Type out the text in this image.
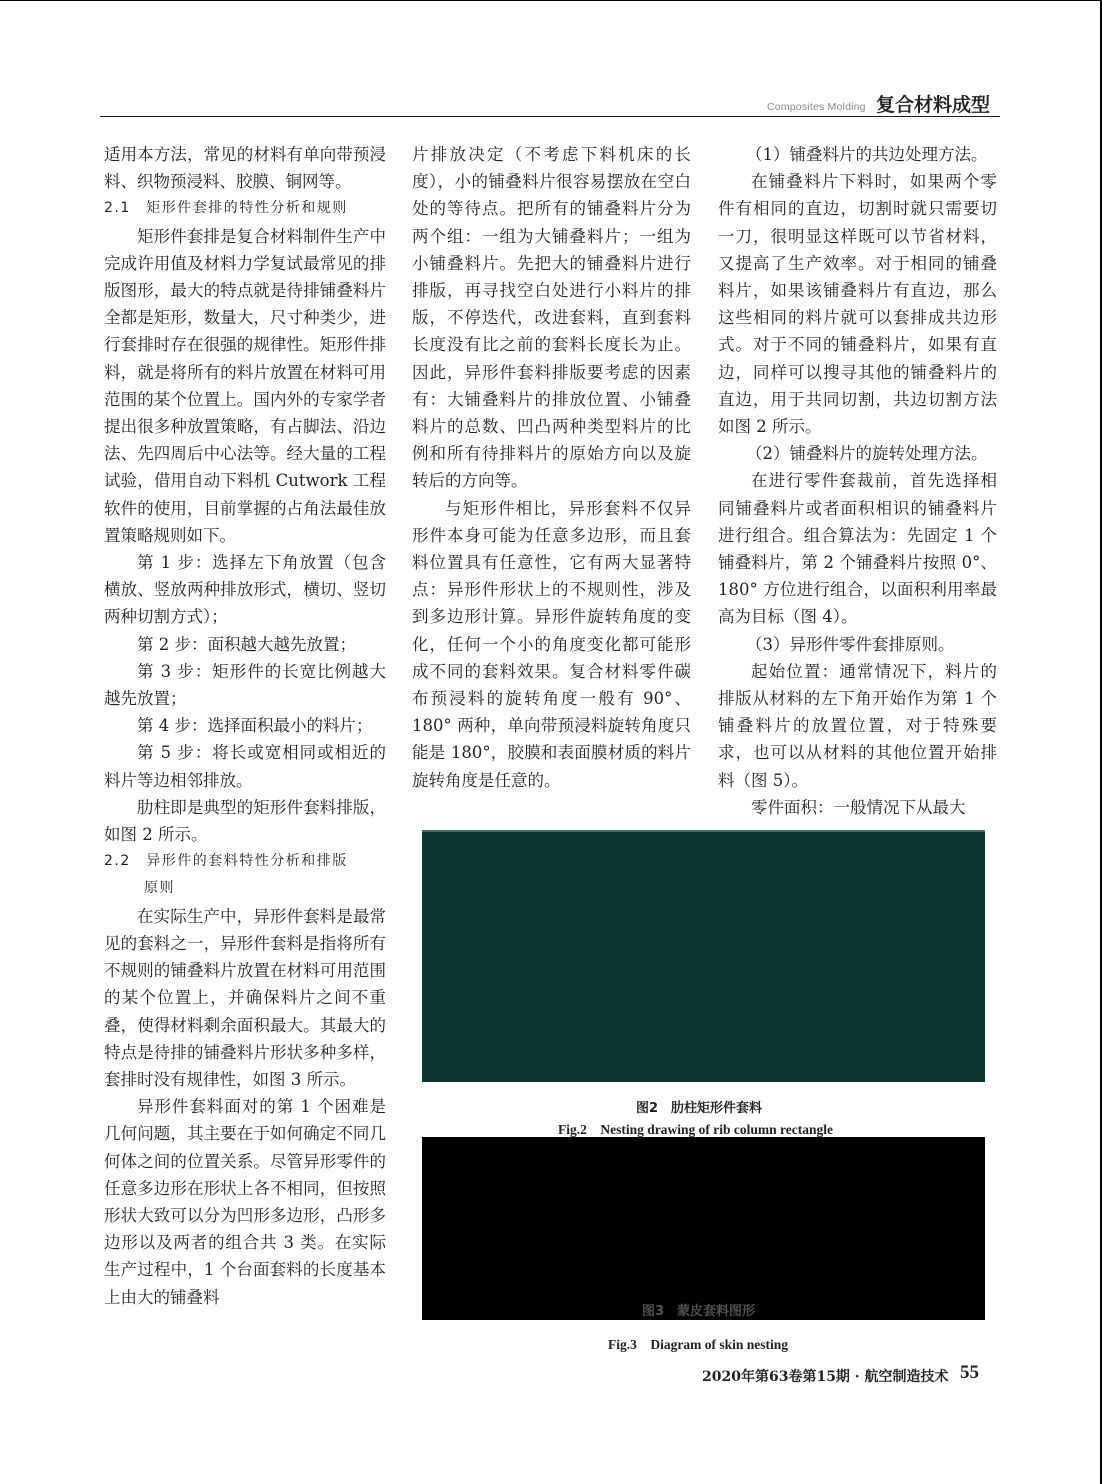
Composites Molding 复合材料成型

适用本方法，常见的材料有单向带预浸料、织物预浸料、胶膜、铜网等。

2.1　矩形件套排的特性分析和规则

矩形件套排是复合材料制件生产中完成许用值及材料力学复试最常见的排版图形，最大的特点就是待排铺叠料片全都是矩形，数量大，尺寸种类少，进行套排时存在很强的规律性。矩形件排料，就是将所有的料片放置在材料可用范围的某个位置上。国内外的专家学者提出很多种放置策略，有占脚法、沿边法、先四周后中心法等。经大量的工程试验，借用自动下料机 Cutwork 工程软件的使用，目前掌握的占角法最佳放置策略规则如下。

第 1 步：选择左下角放置（包含横放、竖放两种排放形式，横切、竖切两种切割方式）；

第 2 步：面积越大越先放置；

第 3 步：矩形件的长宽比例越大越先放置；

第 4 步：选择面积最小的料片；

第 5 步：将长或宽相同或相近的料片等边相邻排放。

肋柱即是典型的矩形件套料排版，如图 2 所示。

2.2　异形件的套料特性分析和排版

原则

在实际生产中，异形件套料是最常见的套料之一，异形件套料是指将所有不规则的铺叠料片放置在材料可用范围的某个位置上，并确保料片之间不重叠，使得材料剩余面积最大。其最大的特点是待排的铺叠料片形状多种多样，套排时没有规律性，如图 3 所示。

异形件套料面对的第 1 个困难是几何问题，其主要在于如何确定不同几何体之间的位置关系。尽管异形零件的任意多边形在形状上各不相同，但按照形状大致可以分为凹形多边形，凸形多边形以及两者的组合共 3 类。在实际生产过程中，1 个台面套料的长度基本上由大的铺叠料

片排放决定（不考虑下料机床的长度），小的铺叠料片很容易摆放在空白处的等待点。把所有的铺叠料片分为两个组：一组为大铺叠料片；一组为小铺叠料片。先把大的铺叠料片进行排版，再寻找空白处进行小料片的排版，不停迭代，改进套料，直到套料长度没有比之前的套料长度长为止。因此，异形件套料排版要考虑的因素有：大铺叠料片的排放位置、小铺叠料片的总数、凹凸两种类型料片的比例和所有待排料片的原始方向以及旋转后的方向等。

与矩形件相比，异形套料不仅异形件本身可能为任意多边形，而且套料位置具有任意性，它有两大显著特点：异形件形状上的不规则性，涉及到多边形计算。异形件旋转角度的变化，任何一个小的角度变化都可能形成不同的套料效果。复合材料零件碳布预浸料的旋转角度一般有 90°、180° 两种，单向带预浸料旋转角度只能是 180°，胶膜和表面膜材质的料片旋转角度是任意的。

（1）铺叠料片的共边处理方法。

在铺叠料片下料时，如果两个零件有相同的直边，切割时就只需要切一刀，很明显这样既可以节省材料，又提高了生产效率。对于相同的铺叠料片，如果该铺叠料片有直边，那么这些相同的料片就可以套排成共边形式。对于不同的铺叠料片，如果有直边，同样可以搜寻其他的铺叠料片的直边，用于共同切割，共边切割方法如图 2 所示。

（2）铺叠料片的旋转处理方法。

在进行零件套裁前，首先选择相同铺叠料片或者面积相识的铺叠料片进行组合。组合算法为：先固定 1 个铺叠料片，第 2 个铺叠料片按照 0°、180° 方位进行组合，以面积利用率最高为目标（图 4）。

（3）异形件零件套排原则。

起始位置：通常情况下，料片的排版从材料的左下角开始作为第 1 个铺叠料片的放置位置，对于特殊要求，也可以从材料的其他位置开始排料（图 5）。

零件面积：一般情况下从最大

图2　肋柱矩形件套料
Fig.2　Nesting drawing of rib column rectangle
图3　蒙皮套料图形
Fig.3　Diagram of skin nesting
2020年第63卷第15期 · 航空制造技术 55
